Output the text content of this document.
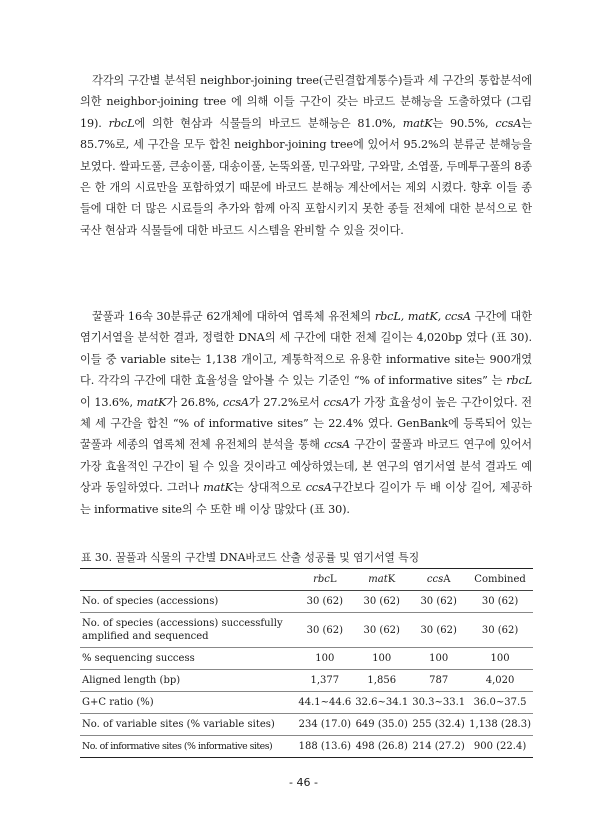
각각의 구간별 분석된 neighbor-joining tree(근린결합계통수)들과 세 구간의 통합분석에 의한 neighbor-joining tree 에 의해 이들 구간이 갖는 바코드 분해능을 도출하였다 (그림 19). rbcL에 의한 현삼과 식물들의 바코드 분해능은 81.0%, matK는 90.5%, ccsA는 85.7%로, 세 구간을 모두 합친 neighbor-joining tree에 있어서 95.2%의 분류군 분해능을 보였다. 쌀파도풀, 큰송이풀, 대송이풀, 논뚝외풀, 민구와말, 구와말, 소엽풀, 두메투구풀의 8종은 한 개의 시료만을 포함하였기 때문에 바코드 분해능 계산에서는 제외 시켰다. 향후 이들 종들에 대한 더 많은 시료들의 추가와 함께 아직 포함시키지 못한 종들 전체에 대한 분석으로 한국산 현삼과 식물들에 대한 바코드 시스템을 완비할 수 있을 것이다.

꿀풀과 16속 30분류군 62개체에 대하여 엽록체 유전체의 rbcL, matK, ccsA 구간에 대한 염기서열을 분석한 결과, 정렬한 DNA의 세 구간에 대한 전체 길이는 4,020bp 였다 (표 30). 이들 중 variable site는 1,138 개이고, 계통학적으로 유용한 informative site는 900개였다. 각각의 구간에 대한 효율성을 알아볼 수 있는 기준인 “% of informative sites” 는 rbcL이 13.6%, matK가 26.8%, ccsA가 27.2%로서 ccsA가 가장 효율성이 높은 구간이었다. 전체 세 구간을 합친 “% of informative sites” 는 22.4% 였다. GenBank에 등록되어 있는 꿀풀과 세종의 엽록체 전체 유전체의 분석을 통해 ccsA 구간이 꿀풀과 바코드 연구에 있어서 가장 효율적인 구간이 될 수 있을 것이라고 예상하였는데, 본 연구의 염기서열 분석 결과도 예상과 동일하였다. 그러나 matK는 상대적으로 ccsA구간보다 길이가 두 배 이상 길어, 제공하는 informative site의 수 또한 배 이상 많았다 (표 30).

표 30. 꿀풀과 식물의 구간별 DNA바코드 산출 성공률 및 염기서열 특징

	rbcL	matK	ccsA	Combined
No. of species (accessions)	30 (62)	30 (62)	30 (62)	30 (62)
No. of species (accessions) successfully amplified and sequenced	30 (62)	30 (62)	30 (62)	30 (62)
% sequencing success	100	100	100	100
Aligned length (bp)	1,377	1,856	787	4,020
G+C ratio (%)	44.1~44.6	32.6~34.1	30.3~33.1	36.0~37.5
No. of variable sites (% variable sites)	234 (17.0)	649 (35.0)	255 (32.4)	1,138 (28.3)
No. of informative sites (% informative sites)	188 (13.6)	498 (26.8)	214 (27.2)	900 (22.4)

- 46 -
